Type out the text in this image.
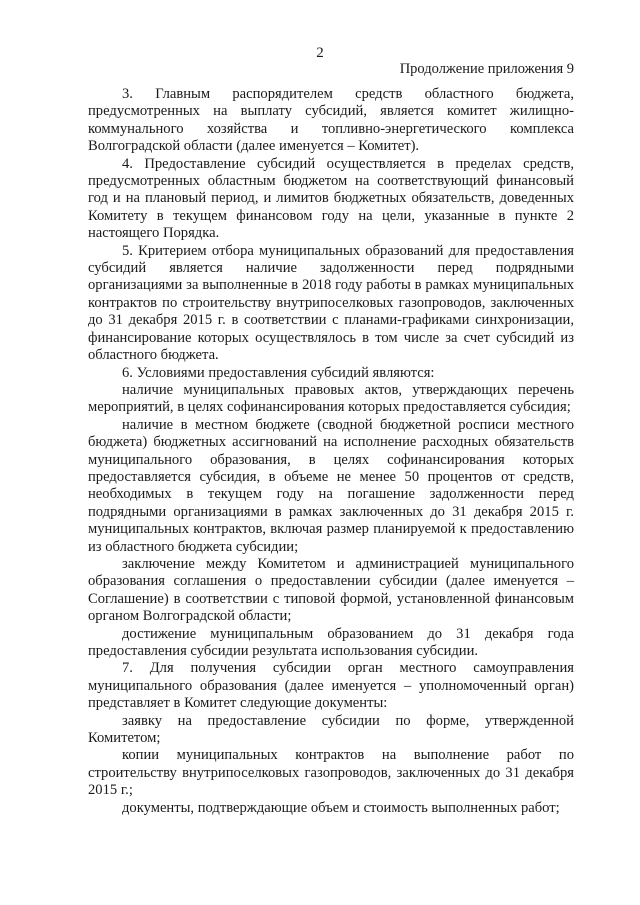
2
Продолжение приложения 9

3. Главным распорядителем средств областного бюджета, предусмотренных на выплату субсидий, является комитет жилищно-коммунального хозяйства и топливно-энергетического комплекса Волгоградской области (далее именуется – Комитет).

4. Предоставление субсидий осуществляется в пределах средств, предусмотренных областным бюджетом на соответствующий финансовый год и на плановый период, и лимитов бюджетных обязательств, доведенных Комитету в текущем финансовом году на цели, указанные в пункте 2 настоящего Порядка.

5. Критерием отбора муниципальных образований для предоставления субсидий является наличие задолженности перед подрядными организациями за выполненные в 2018 году работы в рамках муниципальных контрактов по строительству внутрипоселковых газопроводов, заключенных до 31 декабря 2015 г. в соответствии с планами-графиками синхронизации, финансирование которых осуществлялось в том числе за счет субсидий из областного бюджета.

6. Условиями предоставления субсидий являются:

наличие муниципальных правовых актов, утверждающих перечень мероприятий, в целях софинансирования которых предоставляется субсидия;

наличие в местном бюджете (сводной бюджетной росписи местного бюджета) бюджетных ассигнований на исполнение расходных обязательств муниципального образования, в целях софинансирования которых предоставляется субсидия, в объеме не менее 50 процентов от средств, необходимых в текущем году на погашение задолженности перед подрядными организациями в рамках заключенных до 31 декабря 2015 г. муниципальных контрактов, включая размер планируемой к предоставлению из областного бюджета субсидии;

заключение между Комитетом и администрацией муниципального образования соглашения о предоставлении субсидии (далее именуется – Соглашение) в соответствии с типовой формой, установленной финансовым органом Волгоградской области;

достижение муниципальным образованием до 31 декабря года предоставления субсидии результата использования субсидии.

7. Для получения субсидии орган местного самоуправления муниципального образования (далее именуется – уполномоченный орган) представляет в Комитет следующие документы:

заявку на предоставление субсидии по форме, утвержденной Комитетом;

копии муниципальных контрактов на выполнение работ по строительству внутрипоселковых газопроводов, заключенных до 31 декабря 2015 г.;

документы, подтверждающие объем и стоимость выполненных работ;
